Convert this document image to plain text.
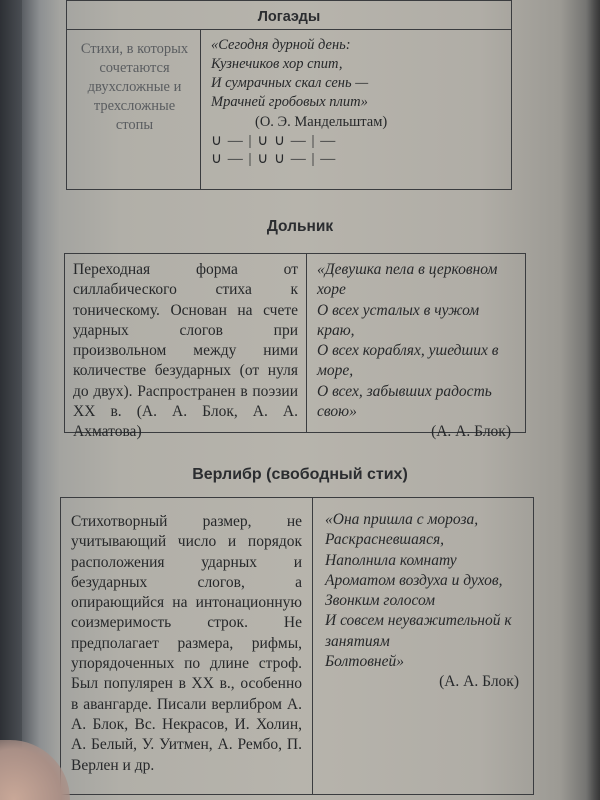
Логаэды

Стихи, в которых сочетаются двухсложные и трехсложные стопы

«Сегодня дурной день:
Кузнечиков хор спит,
И сумрачных скал сень —
Мрачней гробовых плит»
(О. Э. Мандельштам)
∪ — | ∪ ∪ — | —
∪ — | ∪ ∪ — | —
Дольник

Переходная форма от силлабического стиха к тоническому. Основан на счете ударных слогов при произвольном между ними количестве безударных (от нуля до двух). Распространен в поэзии XX в. (А. А. Блок, А. А. Ахматова)

«Девушка пела в церковном хоре
О всех усталых в чужом краю,
О всех кораблях, ушедших в море,
О всех, забывших радость свою»
(А. А. Блок)
Верлибр (свободный стих)

Стихотворный размер, не учитывающий число и порядок расположения ударных и безударных слогов, а опирающийся на интонационную соизмеримость строк. Не предполагает размера, рифмы, упорядоченных по длине строф. Был популярен в XX в., особенно в авангарде. Писали верлибром А. А. Блок, Вс. Некрасов, И. Холин, А. Белый, У. Уитмен, А. Рембо, П. Верлен и др.

«Она пришла с мороза,
Раскрасневшаяся,
Наполнила комнату
Ароматом воздуха и духов,
Звонким голосом
И совсем неуважительной к занятиям
Болтовней»
(А. А. Блок)
